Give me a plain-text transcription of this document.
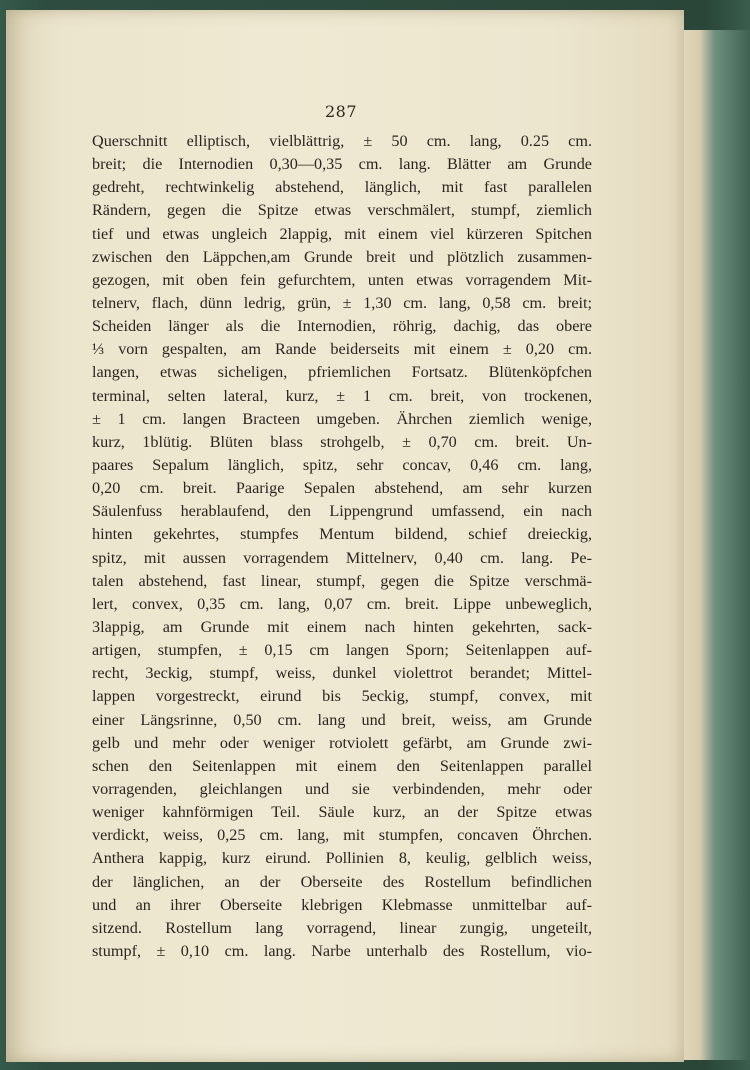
287
Querschnitt elliptisch, vielblättrig, ± 50 cm. lang, 0.25 cm.
breit; die Internodien 0,30—0,35 cm. lang. Blätter am Grunde
gedreht, rechtwinkelig abstehend, länglich, mit fast parallelen
Rändern, gegen die Spitze etwas verschmälert, stumpf, ziemlich
tief und etwas ungleich 2lappig, mit einem viel kürzeren Spitchen
zwischen den Läppchen,am Grunde breit und plötzlich zusammen-
gezogen, mit oben fein gefurchtem, unten etwas vorragendem Mit-
telnerv, flach, dünn ledrig, grün, ± 1,30 cm. lang, 0,58 cm. breit;
Scheiden länger als die Internodien, röhrig, dachig, das obere
⅓ vorn gespalten, am Rande beiderseits mit einem ± 0,20 cm.
langen, etwas sicheligen, pfriemlichen Fortsatz. Blütenköpfchen
terminal, selten lateral, kurz, ± 1 cm. breit, von trockenen,
± 1 cm. langen Bracteen umgeben. Ährchen ziemlich wenige,
kurz, 1blütig. Blüten blass strohgelb, ± 0,70 cm. breit. Un-
paares Sepalum länglich, spitz, sehr concav, 0,46 cm. lang,
0,20 cm. breit. Paarige Sepalen abstehend, am sehr kurzen
Säulenfuss herablaufend, den Lippengrund umfassend, ein nach
hinten gekehrtes, stumpfes Mentum bildend, schief dreieckig,
spitz, mit aussen vorragendem Mittelnerv, 0,40 cm. lang. Pe-
talen abstehend, fast linear, stumpf, gegen die Spitze verschmä-
lert, convex, 0,35 cm. lang, 0,07 cm. breit. Lippe unbeweglich,
3lappig, am Grunde mit einem nach hinten gekehrten, sack-
artigen, stumpfen, ± 0,15 cm langen Sporn; Seitenlappen auf-
recht, 3eckig, stumpf, weiss, dunkel violettrot berandet; Mittel-
lappen vorgestreckt, eirund bis 5eckig, stumpf, convex, mit
einer Längsrinne, 0,50 cm. lang und breit, weiss, am Grunde
gelb und mehr oder weniger rotviolett gefärbt, am Grunde zwi-
schen den Seitenlappen mit einem den Seitenlappen parallel
vorragenden, gleichlangen und sie verbindenden, mehr oder
weniger kahnförmigen Teil. Säule kurz, an der Spitze etwas
verdickt, weiss, 0,25 cm. lang, mit stumpfen, concaven Öhrchen.
Anthera kappig, kurz eirund. Pollinien 8, keulig, gelblich weiss,
der länglichen, an der Oberseite des Rostellum befindlichen
und an ihrer Oberseite klebrigen Klebmasse unmittelbar auf-
sitzend. Rostellum lang vorragend, linear zungig, ungeteilt,
stumpf, ± 0,10 cm. lang. Narbe unterhalb des Rostellum, vio-
